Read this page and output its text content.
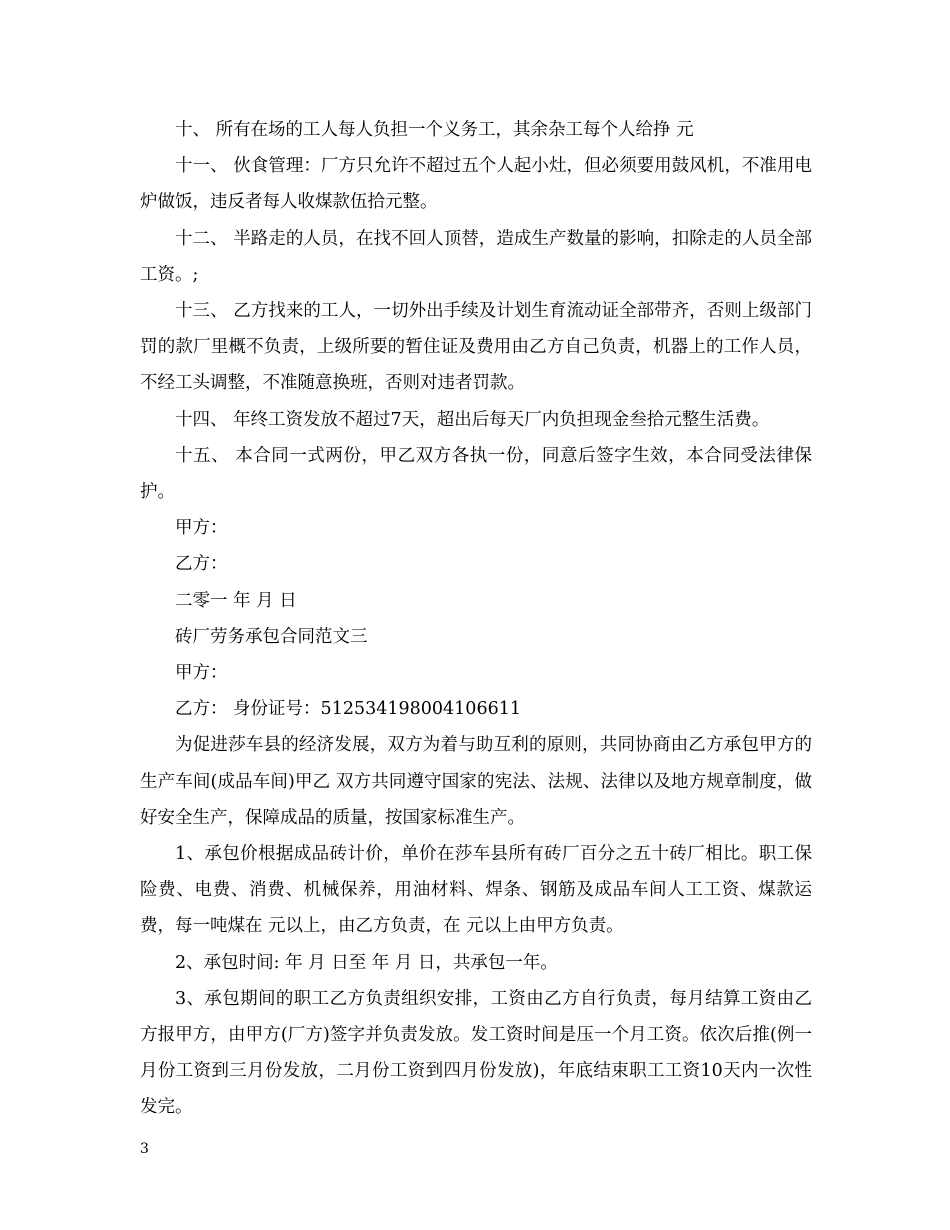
十、 所有在场的工人每人负担一个义务工，其余杂工每个人给挣 元

十一、 伙食管理：厂方只允许不超过五个人起小灶，但必须要用鼓风机，不准用电炉做饭，违反者每人收煤款伍拾元整。

十二、 半路走的人员，在找不回人顶替，造成生产数量的影响，扣除走的人员全部工资。;

十三、 乙方找来的工人，一切外出手续及计划生育流动证全部带齐，否则上级部门罚的款厂里概不负责，上级所要的暂住证及费用由乙方自己负责，机器上的工作人员，不经工头调整，不准随意换班，否则对违者罚款。

十四、 年终工资发放不超过7天，超出后每天厂内负担现金叁拾元整生活费。

十五、 本合同一式两份，甲乙双方各执一份，同意后签字生效，本合同受法律保护。

甲方：

乙方：

二零一 年 月 日

砖厂劳务承包合同范文三

甲方：

乙方： 身份证号：512534198004106611

为促进莎车县的经济发展，双方为着与助互利的原则，共同协商由乙方承包甲方的生产车间(成品车间)甲乙 双方共同遵守国家的宪法、法规、法律以及地方规章制度，做好安全生产，保障成品的质量，按国家标准生产。

1、承包价根据成品砖计价，单价在莎车县所有砖厂百分之五十砖厂相比。职工保险费、电费、消费、机械保养，用油材料、焊条、钢筋及成品车间人工工资、煤款运费，每一吨煤在 元以上，由乙方负责，在 元以上由甲方负责。

2、承包时间: 年 月 日至 年 月 日，共承包一年。

3、承包期间的职工乙方负责组织安排，工资由乙方自行负责，每月结算工资由乙方报甲方，由甲方(厂方)签字并负责发放。发工资时间是压一个月工资。依次后推(例一月份工资到三月份发放，二月份工资到四月份发放)，年底结束职工工资10天内一次性发完。

3
